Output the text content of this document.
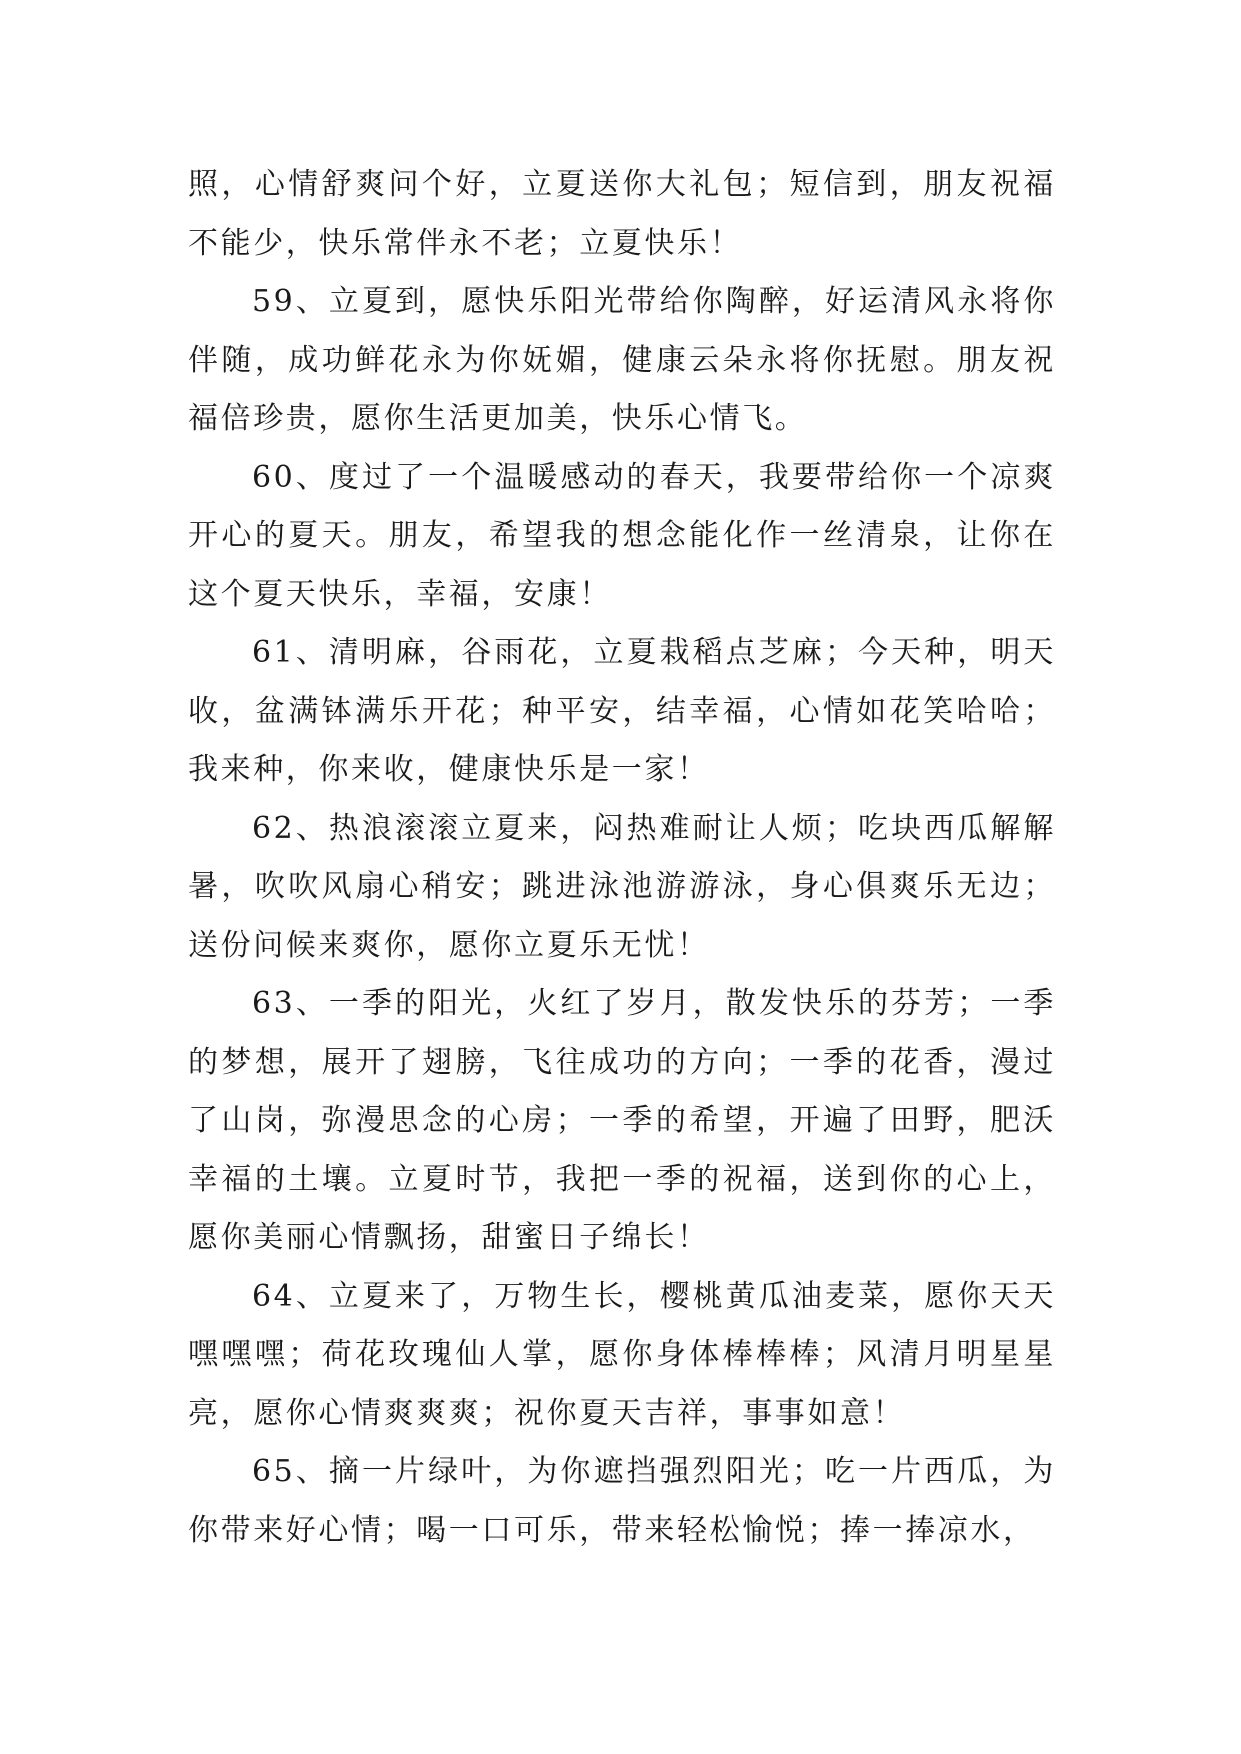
照，心情舒爽问个好，立夏送你大礼包；短信到，朋友祝福不能少，快乐常伴永不老；立夏快乐！

59、立夏到，愿快乐阳光带给你陶醉，好运清风永将你伴随，成功鲜花永为你妩媚，健康云朵永将你抚慰。朋友祝福倍珍贵，愿你生活更加美，快乐心情飞。

60、度过了一个温暖感动的春天，我要带给你一个凉爽开心的夏天。朋友，希望我的想念能化作一丝清泉，让你在这个夏天快乐，幸福，安康！

61、清明麻，谷雨花，立夏栽稻点芝麻；今天种，明天收，盆满钵满乐开花；种平安，结幸福，心情如花笑哈哈；我来种，你来收，健康快乐是一家！

62、热浪滚滚立夏来，闷热难耐让人烦；吃块西瓜解解暑，吹吹风扇心稍安；跳进泳池游游泳，身心俱爽乐无边；送份问候来爽你，愿你立夏乐无忧！

63、一季的阳光，火红了岁月，散发快乐的芬芳；一季的梦想，展开了翅膀，飞往成功的方向；一季的花香，漫过了山岗，弥漫思念的心房；一季的希望，开遍了田野，肥沃幸福的土壤。立夏时节，我把一季的祝福，送到你的心上，愿你美丽心情飘扬，甜蜜日子绵长！

64、立夏来了，万物生长，樱桃黄瓜油麦菜，愿你天天嘿嘿嘿；荷花玫瑰仙人掌，愿你身体棒棒棒；风清月明星星亮，愿你心情爽爽爽；祝你夏天吉祥，事事如意！

65、摘一片绿叶，为你遮挡强烈阳光；吃一片西瓜，为你带来好心情；喝一口可乐，带来轻松愉悦；捧一捧凉水，
